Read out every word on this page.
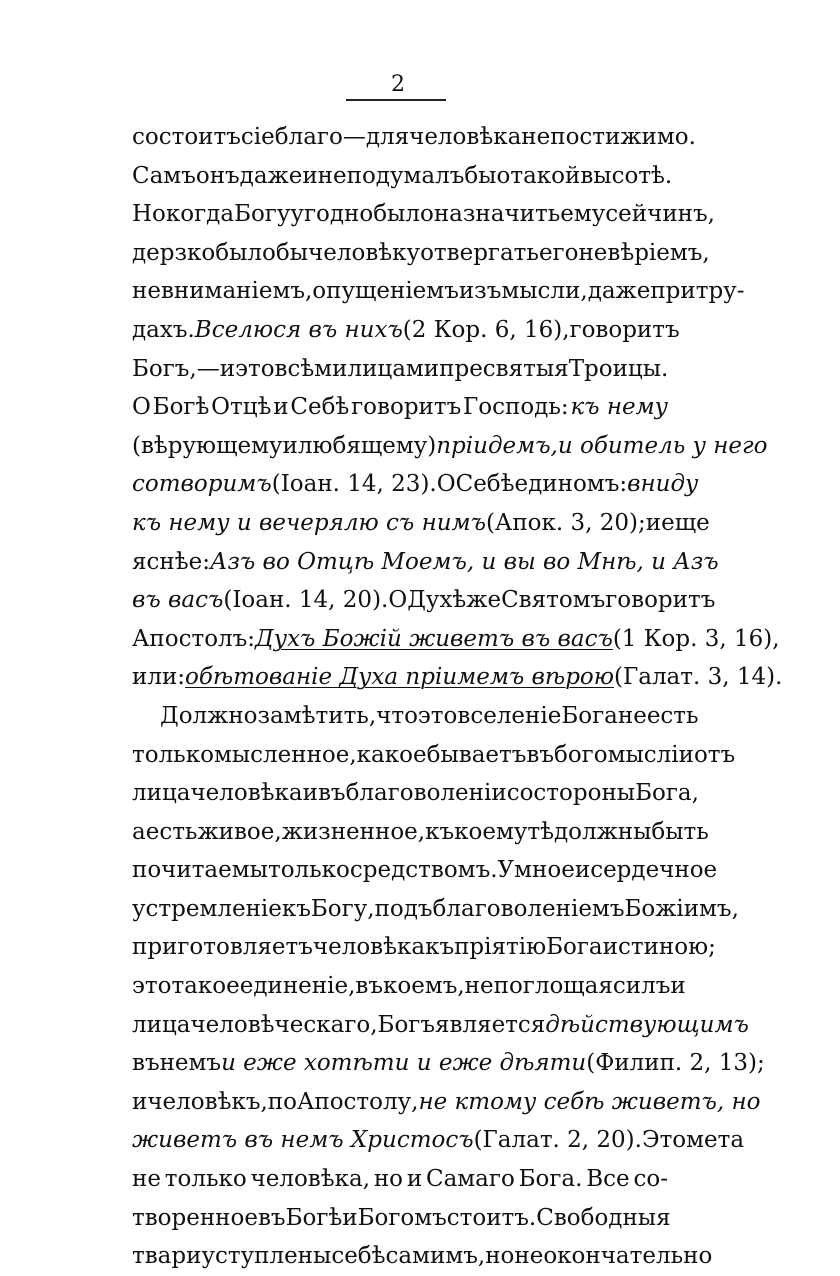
2
состоитъ сіе благо — для человѣка непостижимо.
Самъ онъ даже и не подумалъ бы о такой высотѣ.
Но когда Богу угодно было назначить ему сей чинъ,
дерзко было бы человѣку отвергать его невѣріемъ,
невниманіемъ, опущеніемъ изъ мысли, даже при тру-
дахъ. Вселюся въ нихъ (2 Кор. 6, 16), говоритъ
Богъ, — и это всѣми лицами пресвятыя Троицы.
О Богѣ Отцѣ и Себѣ говоритъ Господь: къ нему
(вѣрующему и любящему) пріидемъ, и обитель у него
сотворимъ (Іоан. 14, 23). О Себѣ единомъ: вниду
къ нему и вечерялю съ нимъ (Апок. 3, 20); и еще
яснѣе: Азъ во Отцѣ Моемъ, и вы во Мнѣ, и Азъ
въ васъ (Іоан. 14, 20). О Духѣ же Святомъ говоритъ
Апостолъ: Духъ Божій живетъ въ васъ (1 Кор. 3, 16),
или: обѣтованіе Духа пріимемъ вѣрою (Галат. 3, 14).
Должно замѣтить, что это вселеніе Бога не есть
только мысленное, какое бываетъ въ богомысліи отъ
лица человѣка и въ благоволеніи со стороны Бога,
а есть живое, жизненное, къ коему тѣ должны быть
почитаемы только средствомъ. Умное и сердечное
устремленіе къ Богу, подъ благоволеніемъ Божіимъ,
приготовляетъ человѣка къ пріятію Бога истиною;
это такое единеніе, въ коемъ, не поглощая силъ и
лица человѣческаго, Богъ является дѣйствующимъ
въ немъ и еже хотѣти и еже дѣяти (Филип. 2, 13);
и человѣкъ, по Апостолу, не ктому себѣ живетъ, но
живетъ въ немъ Христосъ (Галат. 2, 20). Это мета
не только человѣка, но и Самаго Бога. Все со-
творенное въ Богѣ и Богомъ стоитъ. Свободныя
твари уступлены себѣ самимъ, но не окончательно
